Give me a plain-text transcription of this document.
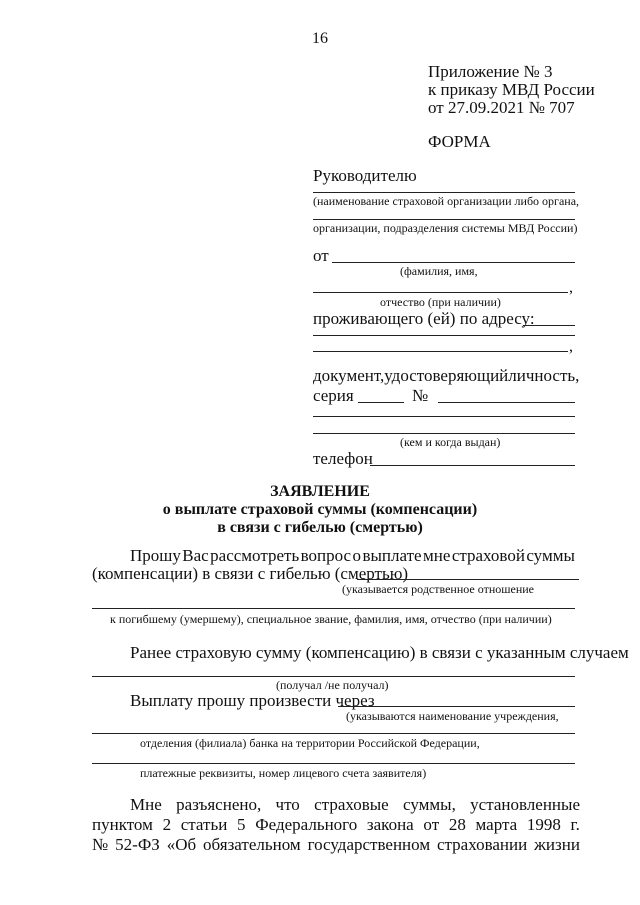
16
Приложение № 3
к приказу МВД России
от 27.09.2021 № 707
ФОРМА
Руководителю
(наименование страховой организации либо органа,
организации, подразделения системы МВД России)
от
(фамилия, имя,
,
отчество (при наличии)
проживающего (ей) по адресу:
,
документ, удостоверяющий личность,
серия	№
(кем и когда выдан)
телефон
ЗАЯВЛЕНИЕ
о выплате страховой суммы (компенсации)
в связи с гибелью (смертью)
Прошу Вас рассмотреть вопрос о выплате мне страховой суммы
(компенсации) в связи с гибелью (смертью)
(указывается родственное отношение
к погибшему (умершему), специальное звание, фамилия, имя, отчество (при наличии)
Ранее страховую сумму (компенсацию) в связи с указанным случаем
(получал /не получал)
Выплату прошу произвести через
(указываются наименование учреждения,
отделения (филиала) банка на территории Российской Федерации,
платежные реквизиты, номер лицевого счета заявителя)
Мне разъяснено, что страховые суммы, установленные
пунктом 2 статьи 5 Федерального закона от 28 марта 1998 г.
№ 52-ФЗ «Об обязательном государственном страховании жизни
